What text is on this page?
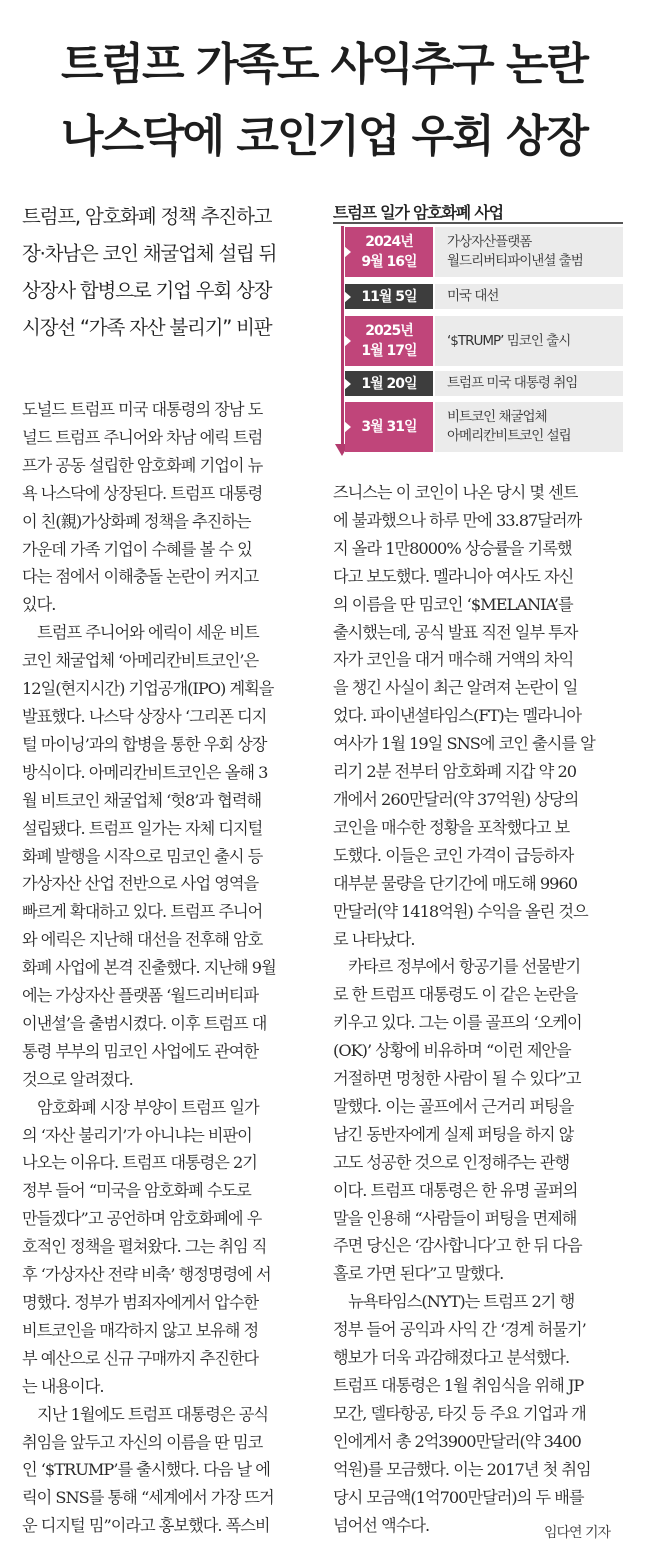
트럼프 가족도 사익추구 논란
나스닥에 코인기업 우회 상장
트럼프, 암호화폐 정책 추진하고
장·차남은 코인 채굴업체 설립 뒤
상장사 합병으로 기업 우회 상장
시장선 “가족 자산 불리기” 비판
트럼프 일가 암호화폐 사업
2024년
9월 16일
가상자산플랫폼
월드리버티파이낸셜 출범
11월 5일 미국 대선
2025년
1월 17일
‘$TRUMP’ 밈코인 출시
1월 20일 트럼프 미국 대통령 취임
3월 31일
비트코인 채굴업체
아메리칸비트코인 설립
도널드 트럼프 미국 대통령의 장남 도
널드 트럼프 주니어와 차남 에릭 트럼
프가 공동 설립한 암호화폐 기업이 뉴
욕 나스닥에 상장된다. 트럼프 대통령
이 친(親)가상화폐 정책을 추진하는
가운데 가족 기업이 수혜를 볼 수 있
다는 점에서 이해충돌 논란이 커지고
있다.
　트럼프 주니어와 에릭이 세운 비트
코인 채굴업체 ‘아메리칸비트코인’은
12일(현지시간) 기업공개(IPO) 계획을
발표했다. 나스닥 상장사 ‘그리폰 디지
털 마이닝’과의 합병을 통한 우회 상장
방식이다. 아메리칸비트코인은 올해 3
월 비트코인 채굴업체 ‘헛8’과 협력해
설립됐다. 트럼프 일가는 자체 디지털
화폐 발행을 시작으로 밈코인 출시 등
가상자산 산업 전반으로 사업 영역을
빠르게 확대하고 있다. 트럼프 주니어
와 에릭은 지난해 대선을 전후해 암호
화폐 사업에 본격 진출했다. 지난해 9월
에는 가상자산 플랫폼 ‘월드리버티파
이낸셜’을 출범시켰다. 이후 트럼프 대
통령 부부의 밈코인 사업에도 관여한
것으로 알려졌다.
　암호화폐 시장 부양이 트럼프 일가
의 ‘자산 불리기’가 아니냐는 비판이
나오는 이유다. 트럼프 대통령은 2기
정부 들어 “미국을 암호화폐 수도로
만들겠다”고 공언하며 암호화폐에 우
호적인 정책을 펼쳐왔다. 그는 취임 직
후 ‘가상자산 전략 비축’ 행정명령에 서
명했다. 정부가 범죄자에게서 압수한
비트코인을 매각하지 않고 보유해 정
부 예산으로 신규 구매까지 추진한다
는 내용이다.
　지난 1월에도 트럼프 대통령은 공식
취임을 앞두고 자신의 이름을 딴 밈코
인 ‘$TRUMP’를 출시했다. 다음 날 에
릭이 SNS를 통해 “세계에서 가장 뜨거
운 디지털 밈”이라고 홍보했다. 폭스비
즈니스는 이 코인이 나온 당시 몇 센트
에 불과했으나 하루 만에 33.87달러까
지 올라 1만8000% 상승률을 기록했
다고 보도했다. 멜라니아 여사도 자신
의 이름을 딴 밈코인 ‘$MELANIA’를
출시했는데, 공식 발표 직전 일부 투자
자가 코인을 대거 매수해 거액의 차익
을 챙긴 사실이 최근 알려져 논란이 일
었다. 파이낸셜타임스(FT)는 멜라니아
여사가 1월 19일 SNS에 코인 출시를 알
리기 2분 전부터 암호화폐 지갑 약 20
개에서 260만달러(약 37억원) 상당의
코인을 매수한 정황을 포착했다고 보
도했다. 이들은 코인 가격이 급등하자
대부분 물량을 단기간에 매도해 9960
만달러(약 1418억원) 수익을 올린 것으
로 나타났다.
　카타르 정부에서 항공기를 선물받기
로 한 트럼프 대통령도 이 같은 논란을
키우고 있다. 그는 이를 골프의 ‘오케이
(OK)’ 상황에 비유하며 “이런 제안을
거절하면 멍청한 사람이 될 수 있다”고
말했다. 이는 골프에서 근거리 퍼팅을
남긴 동반자에게 실제 퍼팅을 하지 않
고도 성공한 것으로 인정해주는 관행
이다. 트럼프 대통령은 한 유명 골퍼의
말을 인용해 “사람들이 퍼팅을 면제해
주면 당신은 ‘감사합니다’고 한 뒤 다음
홀로 가면 된다”고 말했다.
　뉴욕타임스(NYT)는 트럼프 2기 행
정부 들어 공익과 사익 간 ‘경계 허물기’
행보가 더욱 과감해졌다고 분석했다.
트럼프 대통령은 1월 취임식을 위해 JP
모간, 델타항공, 타깃 등 주요 기업과 개
인에게서 총 2억3900만달러(약 3400
억원)를 모금했다. 이는 2017년 첫 취임
당시 모금액(1억700만달러)의 두 배를
넘어선 액수다.	임다연 기자
